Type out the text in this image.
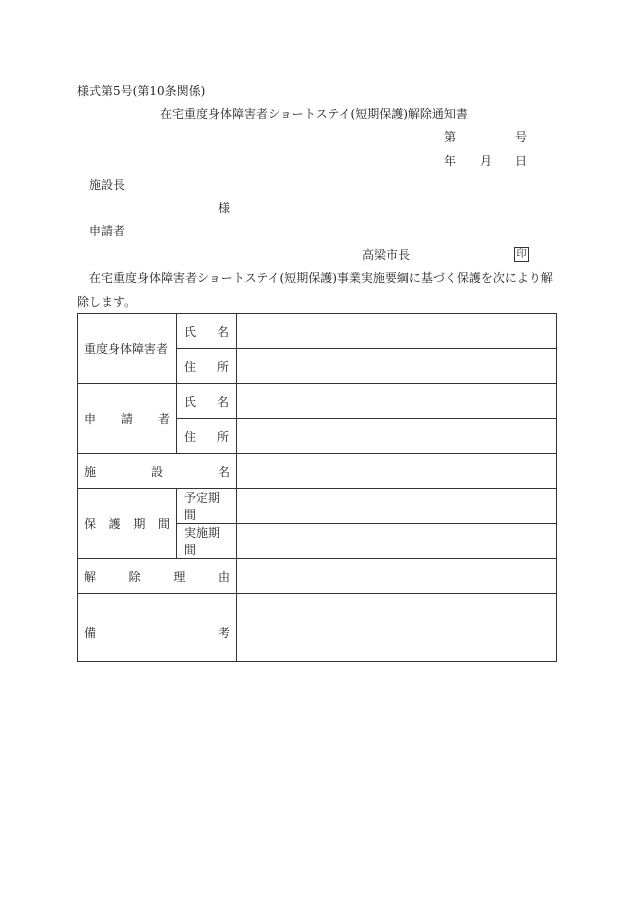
様式第5号(第10条関係)
在宅重度身体障害者ショートステイ(短期保護)解除通知書
第	号
年 月 日
施設長
様
申請者
高梁市長	印
在宅重度身体障害者ショートステイ(短期保護)事業実施要綱に基づく保護を次により解除します。
重度身体障害者	氏 名	

	住 所	

申 請 者	氏 名	

	住 所	

施 設 名		

保 護 期 間	予定期間	
	実施期間	

解 除 理 由		

備 考		
